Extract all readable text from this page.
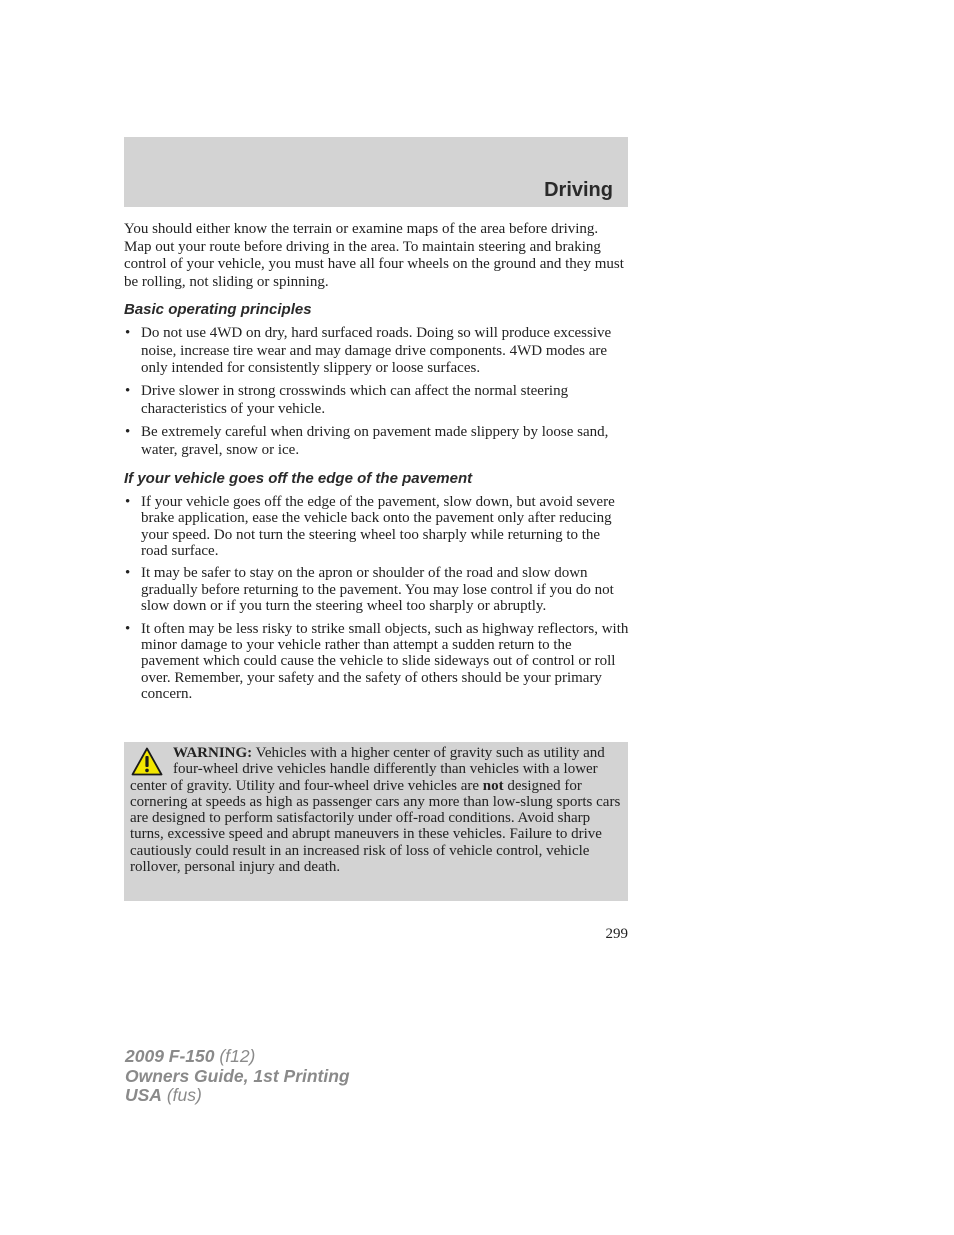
Driving

You should either know the terrain or examine maps of the area before driving. Map out your route before driving in the area. To maintain steering and braking control of your vehicle, you must have all four wheels on the ground and they must be rolling, not sliding or spinning.

Basic operating principles
• Do not use 4WD on dry, hard surfaced roads. Doing so will produce excessive noise, increase tire wear and may damage drive components. 4WD modes are only intended for consistently slippery or loose surfaces.
• Drive slower in strong crosswinds which can affect the normal steering characteristics of your vehicle.
• Be extremely careful when driving on pavement made slippery by loose sand, water, gravel, snow or ice.
If your vehicle goes off the edge of the pavement
• If your vehicle goes off the edge of the pavement, slow down, but avoid severe brake application, ease the vehicle back onto the pavement only after reducing your speed. Do not turn the steering wheel too sharply while returning to the road surface.
• It may be safer to stay on the apron or shoulder of the road and slow down gradually before returning to the pavement. You may lose control if you do not slow down or if you turn the steering wheel too sharply or abruptly.
• It often may be less risky to strike small objects, such as highway reflectors, with minor damage to your vehicle rather than attempt a sudden return to the pavement which could cause the vehicle to slide sideways out of control or roll over. Remember, your safety and the safety of others should be your primary concern.

WARNING: Vehicles with a higher center of gravity such as utility and four-wheel drive vehicles handle differently than vehicles with a lower center of gravity. Utility and four-wheel drive vehicles are not designed for cornering at speeds as high as passenger cars any more than low-slung sports cars are designed to perform satisfactorily under off-road conditions. Avoid sharp turns, excessive speed and abrupt maneuvers in these vehicles. Failure to drive cautiously could result in an increased risk of loss of vehicle control, vehicle rollover, personal injury and death.

299
2009 F-150 (f12)
Owners Guide, 1st Printing
USA (fus)
